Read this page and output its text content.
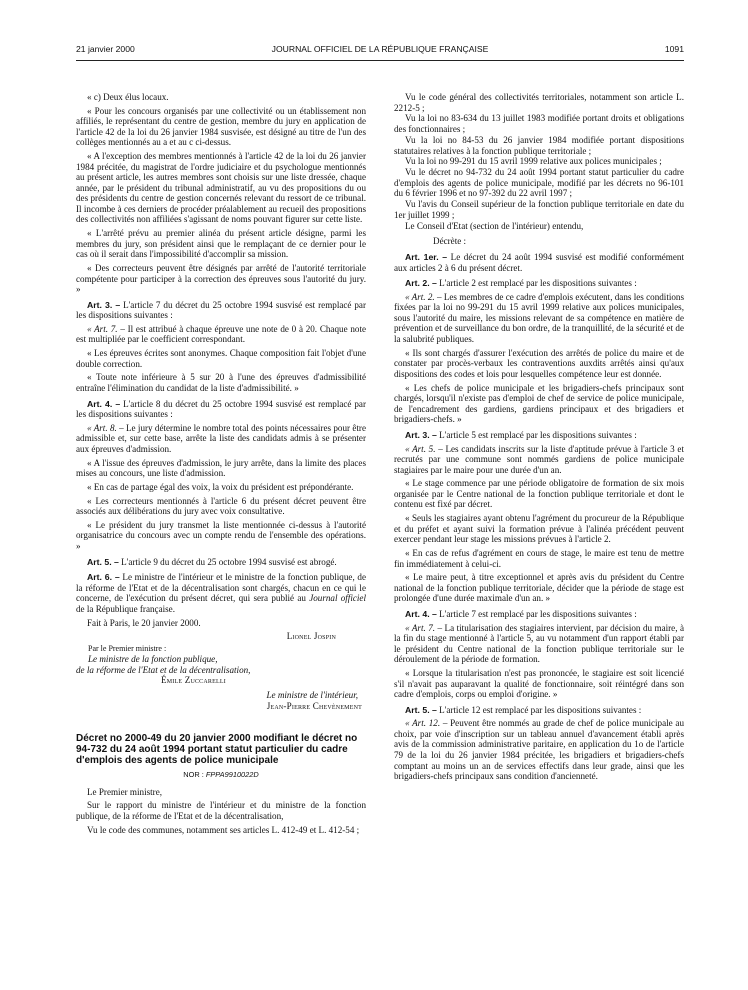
21 janvier 2000	JOURNAL OFFICIEL DE LA RÉPUBLIQUE FRANÇAISE	1091

« c) Deux élus locaux.

« Pour les concours organisés par une collectivité ou un établissement non affiliés, le représentant du centre de gestion, membre du jury en application de l'article 42 de la loi du 26 janvier 1984 susvisée, est désigné au titre de l'un des collèges mentionnés au a et au c ci-dessus.

« A l'exception des membres mentionnés à l'article 42 de la loi du 26 janvier 1984 précitée, du magistrat de l'ordre judiciaire et du psychologue mentionnés au présent article, les autres membres sont choisis sur une liste dressée, chaque année, par le président du tribunal administratif, au vu des propositions du ou des présidents du centre de gestion concernés relevant du ressort de ce tribunal. Il incombe à ces derniers de procéder préalablement au recueil des propositions des collectivités non affiliées s'agissant de noms pouvant figurer sur cette liste.

« L'arrêté prévu au premier alinéa du présent article désigne, parmi les membres du jury, son président ainsi que le remplaçant de ce dernier pour le cas où il serait dans l'impossibilité d'accomplir sa mission.

« Des correcteurs peuvent être désignés par arrêté de l'autorité territoriale compétente pour participer à la correction des épreuves sous l'autorité du jury. »

Art. 3. – L'article 7 du décret du 25 octobre 1994 susvisé est remplacé par les dispositions suivantes :

« Art. 7. – Il est attribué à chaque épreuve une note de 0 à 20. Chaque note est multipliée par le coefficient correspondant.

« Les épreuves écrites sont anonymes. Chaque composition fait l'objet d'une double correction.

« Toute note inférieure à 5 sur 20 à l'une des épreuves d'admissibilité entraîne l'élimination du candidat de la liste d'admissibilité. »

Art. 4. – L'article 8 du décret du 25 octobre 1994 susvisé est remplacé par les dispositions suivantes :

« Art. 8. – Le jury détermine le nombre total des points nécessaires pour être admissible et, sur cette base, arrête la liste des candidats admis à se présenter aux épreuves d'admission.

« A l'issue des épreuves d'admission, le jury arrête, dans la limite des places mises au concours, une liste d'admission.

« En cas de partage égal des voix, la voix du président est prépondérante.

« Les correcteurs mentionnés à l'article 6 du présent décret peuvent être associés aux délibérations du jury avec voix consultative.

« Le président du jury transmet la liste mentionnée ci-dessus à l'autorité organisatrice du concours avec un compte rendu de l'ensemble des opérations. »

Art. 5. – L'article 9 du décret du 25 octobre 1994 susvisé est abrogé.

Art. 6. – Le ministre de l'intérieur et le ministre de la fonction publique, de la réforme de l'Etat et de la décentralisation sont chargés, chacun en ce qui le concerne, de l'exécution du présent décret, qui sera publié au Journal officiel de la République française.

Fait à Paris, le 20 janvier 2000.

Lionel Jospin

Par le Premier ministre :

Le ministre de la fonction publique,

de la réforme de l'Etat et de la décentralisation,

Émile Zuccarelli

Le ministre de l'intérieur,

Jean-Pierre Chevènement

Décret no 2000-49 du 20 janvier 2000 modifiant le décret no 94-732 du 24 août 1994 portant statut particulier du cadre d'emplois des agents de police municipale

NOR : FPPA9910022D

Le Premier ministre,

Sur le rapport du ministre de l'intérieur et du ministre de la fonction publique, de la réforme de l'Etat et de la décentralisation,

Vu le code des communes, notamment ses articles L. 412-49 et L. 412-54 ;

Vu le code général des collectivités territoriales, notamment son article L. 2212-5 ;

Vu la loi no 83-634 du 13 juillet 1983 modifiée portant droits et obligations des fonctionnaires ;

Vu la loi no 84-53 du 26 janvier 1984 modifiée portant dispositions statutaires relatives à la fonction publique territoriale ;

Vu la loi no 99-291 du 15 avril 1999 relative aux polices municipales ;

Vu le décret no 94-732 du 24 août 1994 portant statut particulier du cadre d'emplois des agents de police municipale, modifié par les décrets no 96-101 du 6 février 1996 et no 97-392 du 22 avril 1997 ;

Vu l'avis du Conseil supérieur de la fonction publique territoriale en date du 1er juillet 1999 ;

Le Conseil d'Etat (section de l'intérieur) entendu,

Décrète :

Art. 1er. – Le décret du 24 août 1994 susvisé est modifié conformément aux articles 2 à 6 du présent décret.

Art. 2. – L'article 2 est remplacé par les dispositions suivantes :

« Art. 2. – Les membres de ce cadre d'emplois exécutent, dans les conditions fixées par la loi no 99-291 du 15 avril 1999 relative aux polices municipales, sous l'autorité du maire, les missions relevant de sa compétence en matière de prévention et de surveillance du bon ordre, de la tranquillité, de la sécurité et de la salubrité publiques.

« Ils sont chargés d'assurer l'exécution des arrêtés de police du maire et de constater par procès-verbaux les contraventions auxdits arrêtés ainsi qu'aux dispositions des codes et lois pour lesquelles compétence leur est donnée.

« Les chefs de police municipale et les brigadiers-chefs principaux sont chargés, lorsqu'il n'existe pas d'emploi de chef de service de police municipale, de l'encadrement des gardiens, gardiens principaux et des brigadiers et brigadiers-chefs. »

Art. 3. – L'article 5 est remplacé par les dispositions suivantes :

« Art. 5. – Les candidats inscrits sur la liste d'aptitude prévue à l'article 3 et recrutés par une commune sont nommés gardiens de police municipale stagiaires par le maire pour une durée d'un an.

« Le stage commence par une période obligatoire de formation de six mois organisée par le Centre national de la fonction publique territoriale et dont le contenu est fixé par décret.

« Seuls les stagiaires ayant obtenu l'agrément du procureur de la République et du préfet et ayant suivi la formation prévue à l'alinéa précédent peuvent exercer pendant leur stage les missions prévues à l'article 2.

« En cas de refus d'agrément en cours de stage, le maire est tenu de mettre fin immédiatement à celui-ci.

« Le maire peut, à titre exceptionnel et après avis du président du Centre national de la fonction publique territoriale, décider que la période de stage est prolongée d'une durée maximale d'un an. »

Art. 4. – L'article 7 est remplacé par les dispositions suivantes :

« Art. 7. – La titularisation des stagiaires intervient, par décision du maire, à la fin du stage mentionné à l'article 5, au vu notamment d'un rapport établi par le président du Centre national de la fonction publique territoriale sur le déroulement de la période de formation.

« Lorsque la titularisation n'est pas prononcée, le stagiaire est soit licencié s'il n'avait pas auparavant la qualité de fonctionnaire, soit réintégré dans son cadre d'emplois, corps ou emploi d'origine. »

Art. 5. – L'article 12 est remplacé par les dispositions suivantes :

« Art. 12. – Peuvent être nommés au grade de chef de police municipale au choix, par voie d'inscription sur un tableau annuel d'avancement établi après avis de la commission administrative paritaire, en application du 1o de l'article 79 de la loi du 26 janvier 1984 précitée, les brigadiers et brigadiers-chefs comptant au moins un an de services effectifs dans leur grade, ainsi que les brigadiers-chefs principaux sans condition d'ancienneté.
